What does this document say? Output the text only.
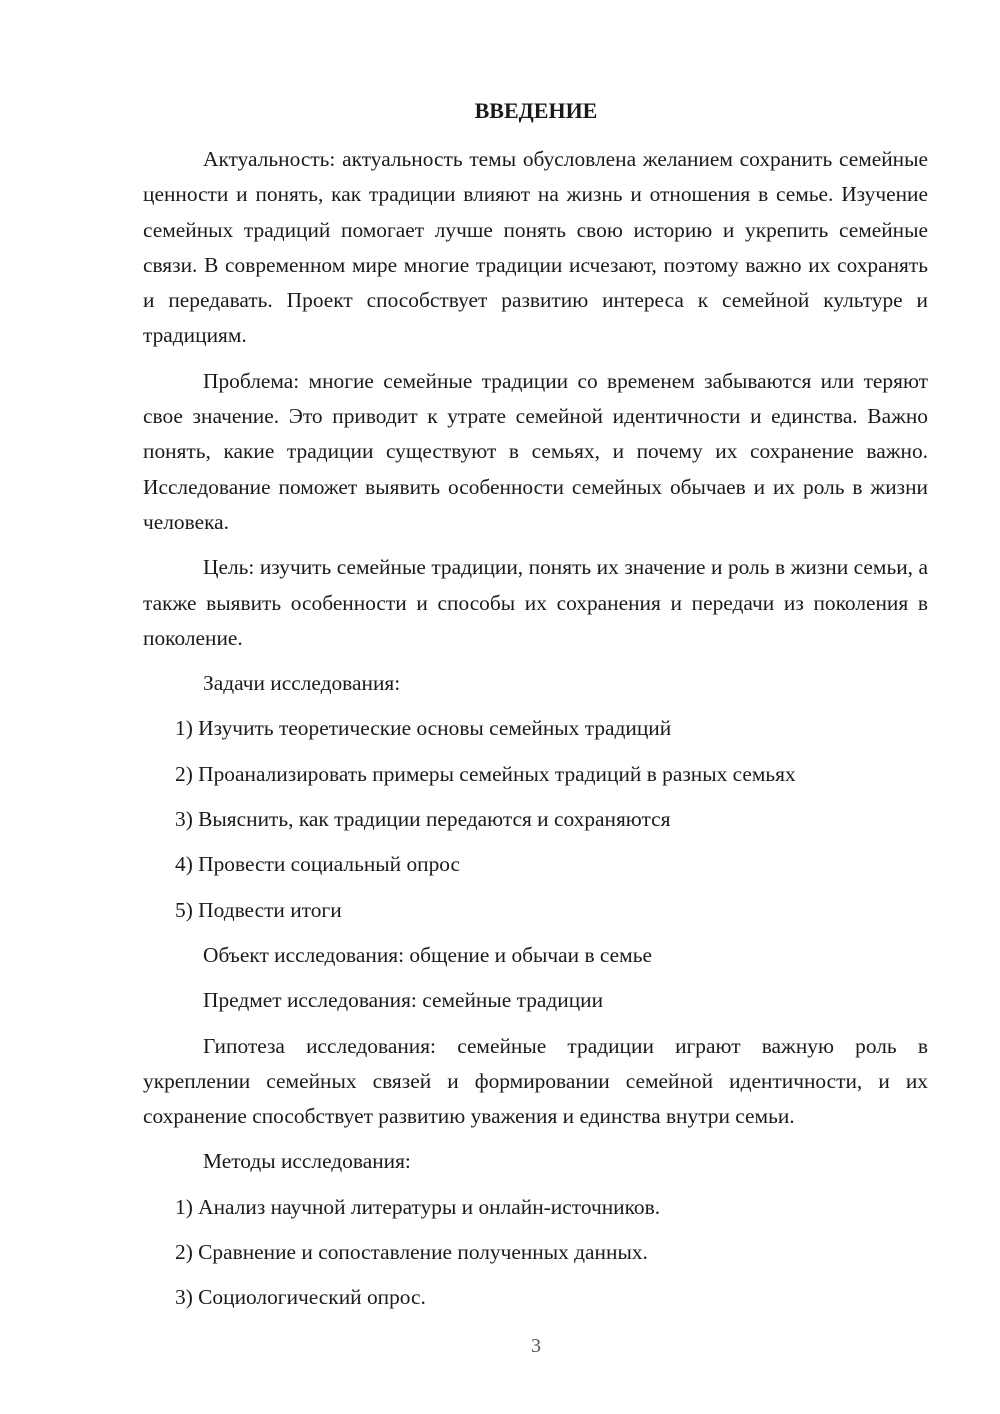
ВВЕДЕНИЕ

Актуальность: актуальность темы обусловлена желанием сохранить семейные ценности и понять, как традиции влияют на жизнь и отношения в семье. Изучение семейных традиций помогает лучше понять свою историю и укрепить семейные связи. В современном мире многие традиции исчезают, поэтому важно их сохранять и передавать. Проект способствует развитию интереса к семейной культуре и традициям.

Проблема: многие семейные традиции со временем забываются или теряют свое значение. Это приводит к утрате семейной идентичности и единства. Важно понять, какие традиции существуют в семьях, и почему их сохранение важно. Исследование поможет выявить особенности семейных обычаев и их роль в жизни человека.

Цель: изучить семейные традиции, понять их значение и роль в жизни семьи, а также выявить особенности и способы их сохранения и передачи из поколения в поколение.

Задачи исследования:

1) Изучить теоретические основы семейных традиций

2) Проанализировать примеры семейных традиций в разных семьях

3) Выяснить, как традиции передаются и сохраняются

4) Провести социальный опрос

5) Подвести итоги

Объект исследования: общение и обычаи в семье

Предмет исследования: семейные традиции

Гипотеза исследования: семейные традиции играют важную роль в укреплении семейных связей и формировании семейной идентичности, и их сохранение способствует развитию уважения и единства внутри семьи.

Методы исследования:

1) Анализ научной литературы и онлайн-источников.

2) Сравнение и сопоставление полученных данных.

3) Социологический опрос.

3
